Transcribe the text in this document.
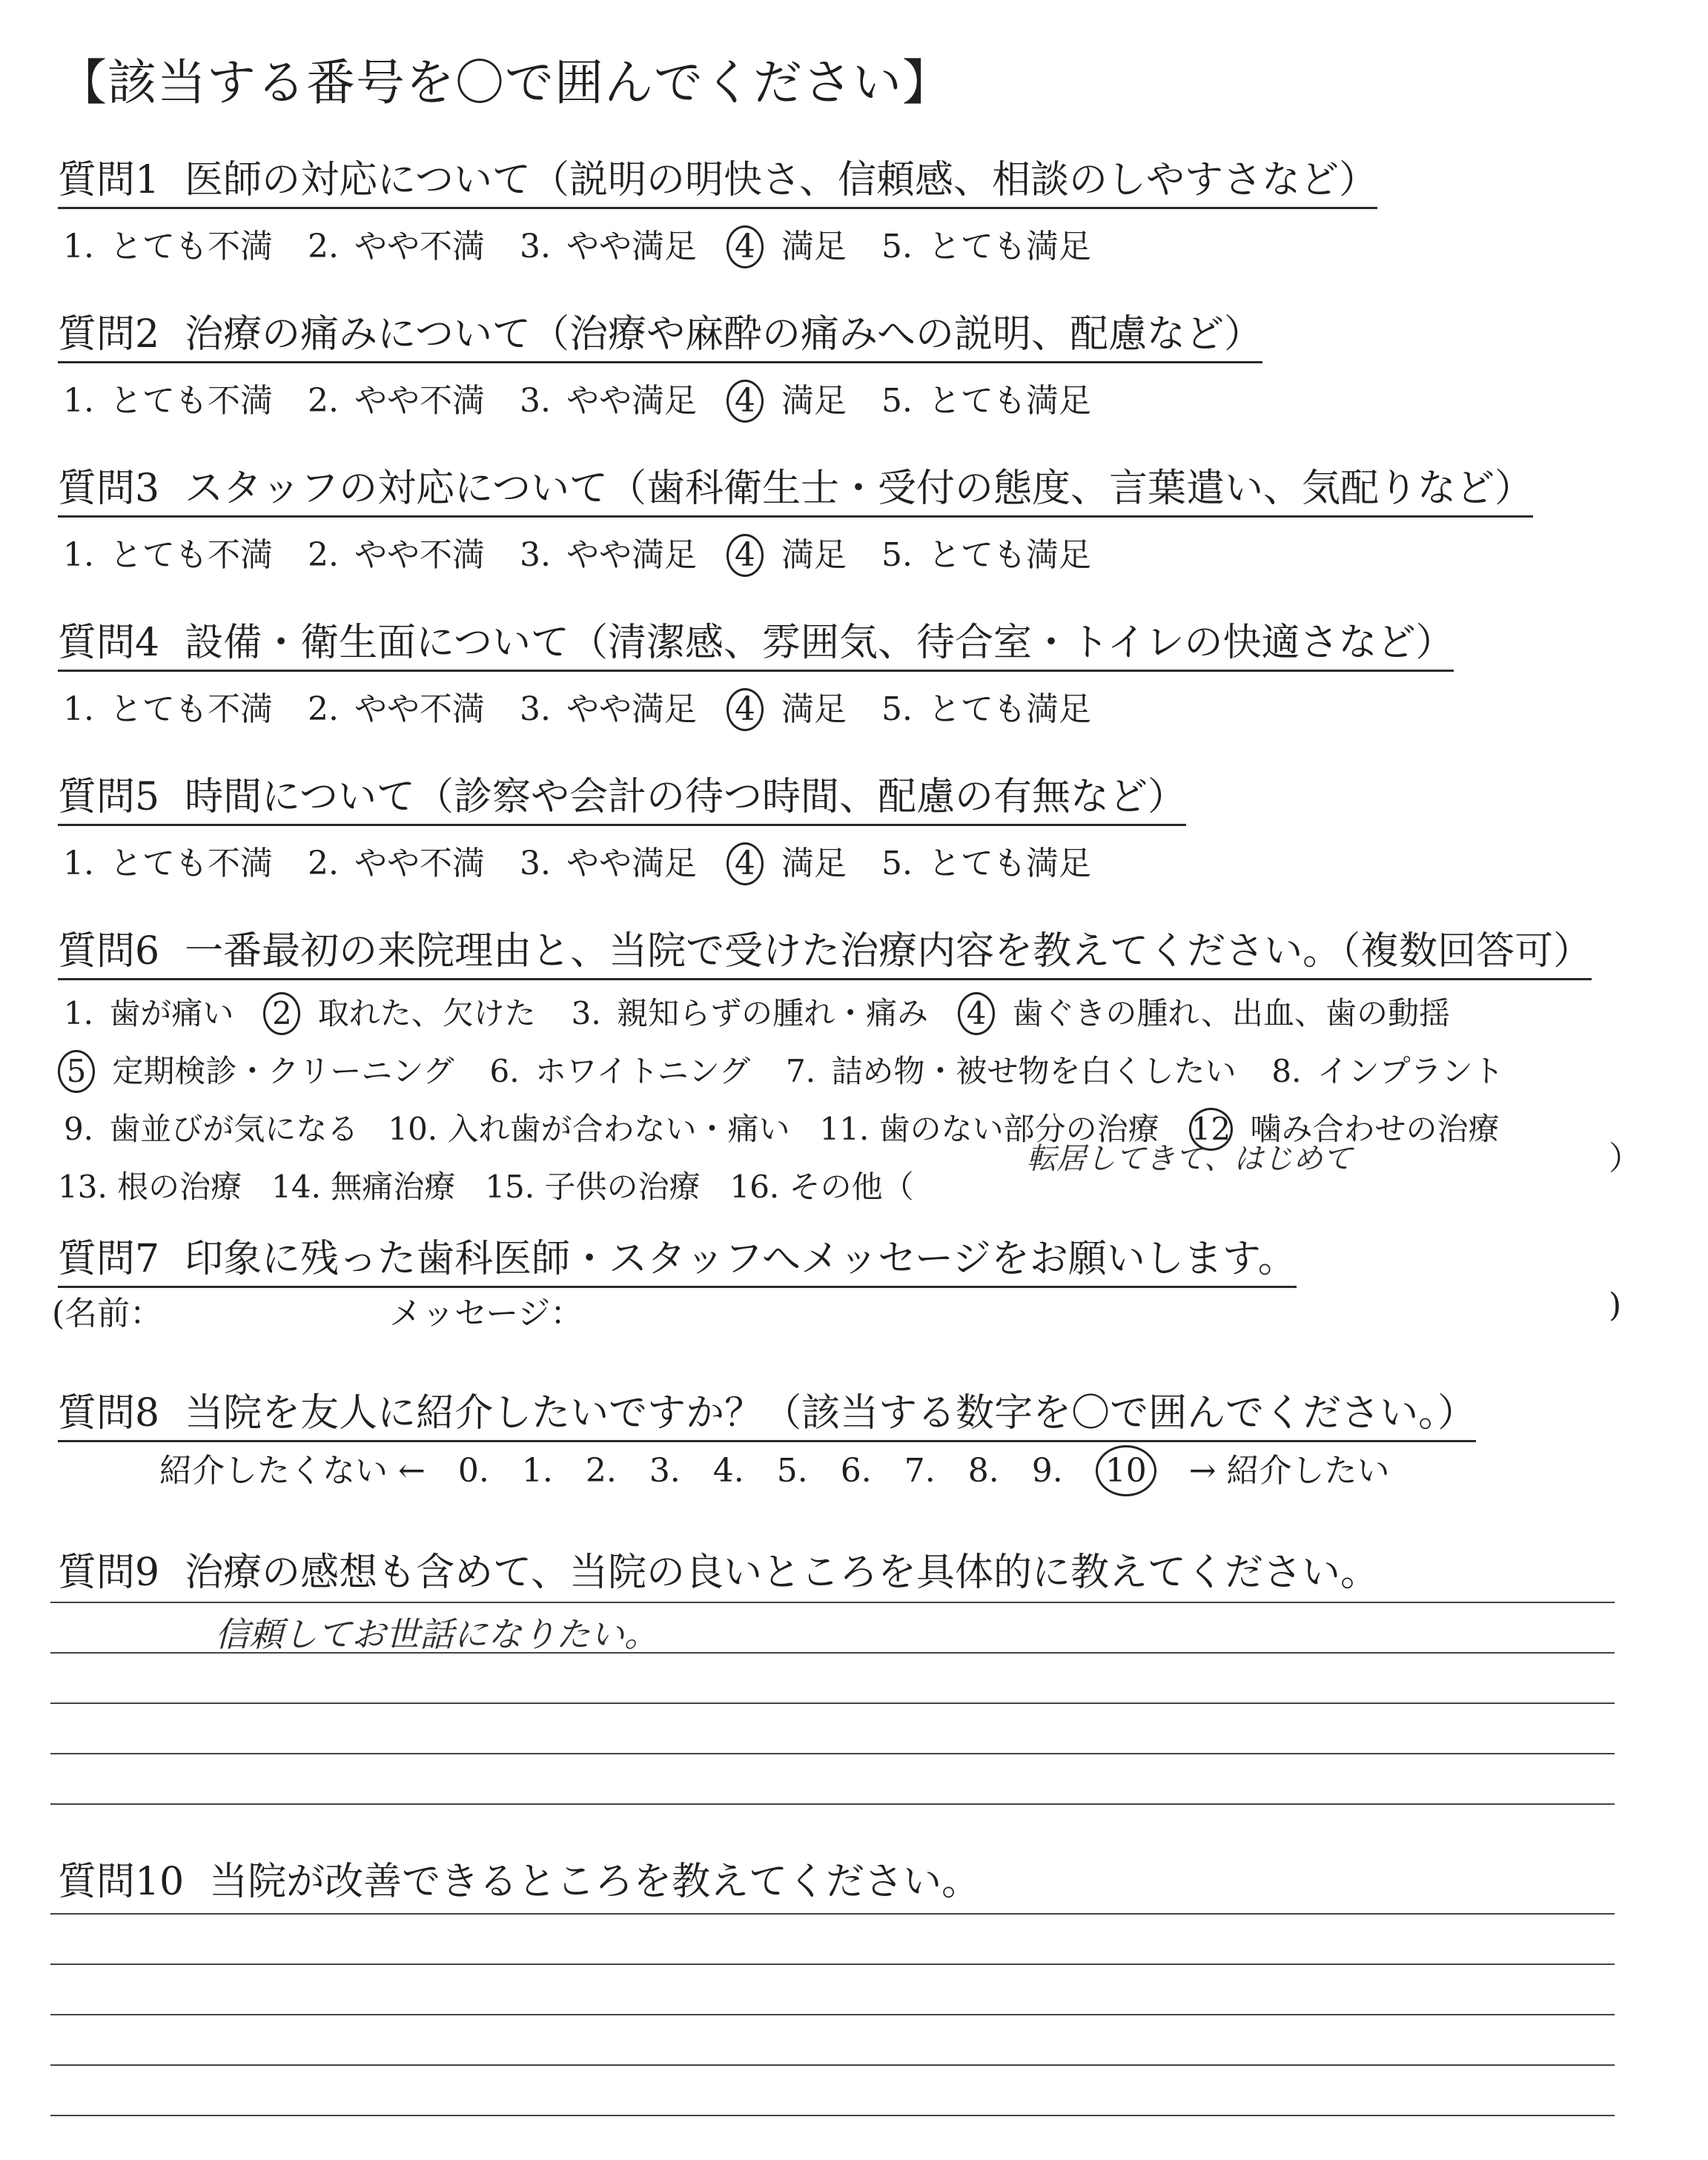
【該当する番号を〇で囲んでください】
質問1 医師の対応について（説明の明快さ、信頼感、相談のしやすさなど）
1. とても不満 2. やや不満 3. やや満足 4 満足 5. とても満足
質問2 治療の痛みについて（治療や麻酔の痛みへの説明、配慮など）
1. とても不満 2. やや不満 3. やや満足 4 満足 5. とても満足
質問3 スタッフの対応について（歯科衛生士・受付の態度、言葉遣い、気配りなど）
1. とても不満 2. やや不満 3. やや満足 4 満足 5. とても満足
質問4 設備・衛生面について（清潔感、雰囲気、待合室・トイレの快適さなど）
1. とても不満 2. やや不満 3. やや満足 4 満足 5. とても満足
質問5 時間について（診察や会計の待つ時間、配慮の有無など）
1. とても不満 2. やや不満 3. やや満足 4 満足 5. とても満足
質問6 一番最初の来院理由と、当院で受けた治療内容を教えてください。（複数回答可）
1. 歯が痛い 2 取れた、欠けた 3. 親知らずの腫れ・痛み 4 歯ぐきの腫れ、出血、歯の動揺
5 定期検診・クリーニング 6. ホワイトニング 7. 詰め物・被せ物を白くしたい 8. インプラント
9. 歯並びが気になる 10. 入れ歯が合わない・痛い 11. 歯のない部分の治療 12 噛み合わせの治療
13. 根の治療 14. 無痛治療 15. 子供の治療 16. その他（
転居してきて、はじめて	）
質問7 印象に残った歯科医師・スタッフへメッセージをお願いします。
(名前：	メッセージ：	)
質問8 当院を友人に紹介したいですか？（該当する数字を〇で囲んでください。）
紹介したくない ← 0. 1. 2. 3. 4. 5. 6. 7. 8. 9. 10 → 紹介したい
質問9 治療の感想も含めて、当院の良いところを具体的に教えてください。
信頼してお世話になりたい。
質問10 当院が改善できるところを教えてください。
